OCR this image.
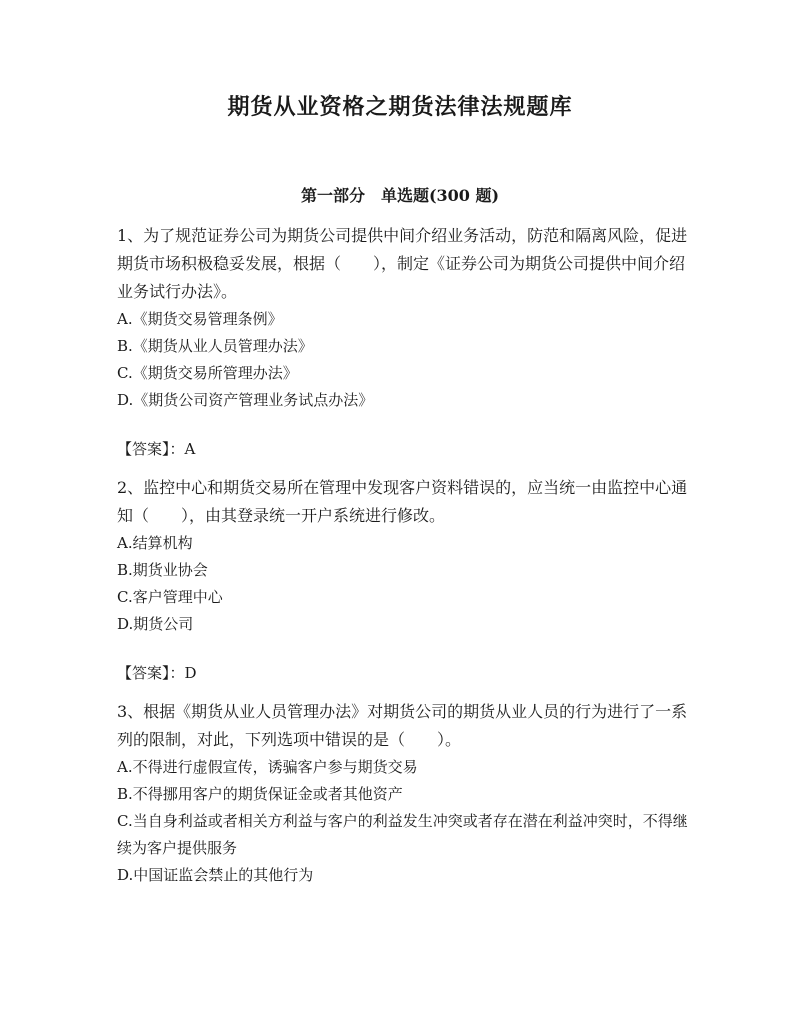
期货从业资格之期货法律法规题库
第一部分　单选题(300 题)

1、为了规范证券公司为期货公司提供中间介绍业务活动，防范和隔离风险，促进期货市场积极稳妥发展，根据（　　），制定《证券公司为期货公司提供中间介绍业务试行办法》。

A.《期货交易管理条例》

B.《期货从业人员管理办法》

C.《期货交易所管理办法》

D.《期货公司资产管理业务试点办法》

【答案】：A

2、监控中心和期货交易所在管理中发现客户资料错误的，应当统一由监控中心通知（　　），由其登录统一开户系统进行修改。

A.结算机构

B.期货业协会

C.客户管理中心

D.期货公司

【答案】：D

3、根据《期货从业人员管理办法》对期货公司的期货从业人员的行为进行了一系列的限制，对此，下列选项中错误的是（　　）。

A.不得进行虚假宣传，诱骗客户参与期货交易

B.不得挪用客户的期货保证金或者其他资产

C.当自身利益或者相关方利益与客户的利益发生冲突或者存在潜在利益冲突时，不得继续为客户提供服务

D.中国证监会禁止的其他行为
